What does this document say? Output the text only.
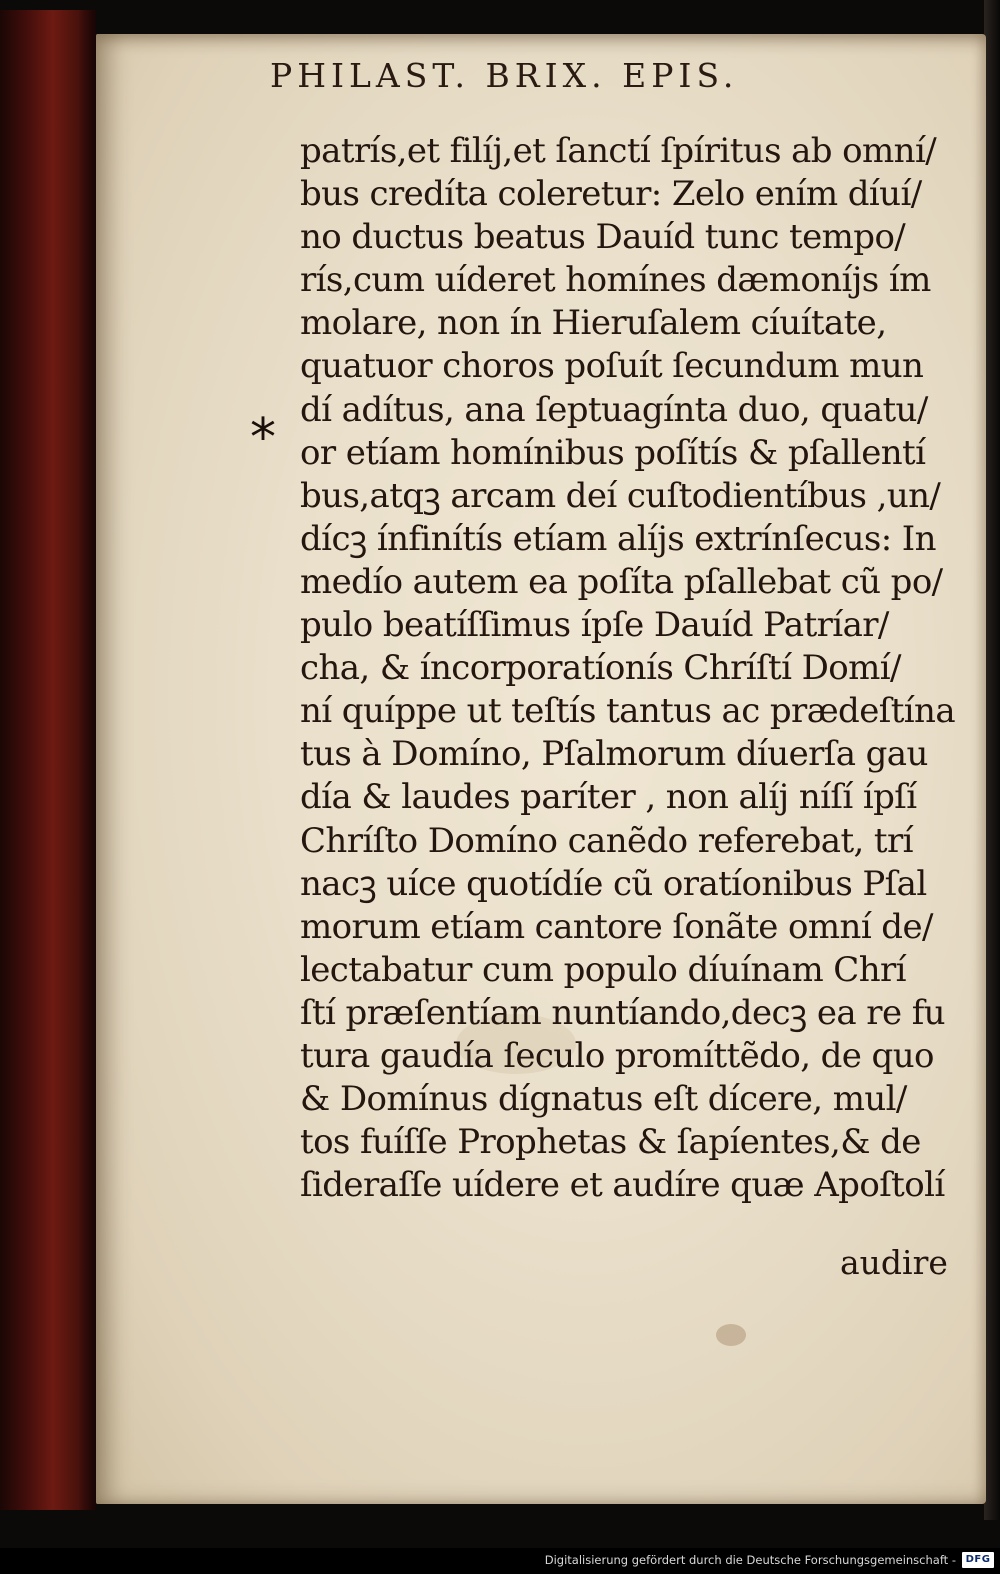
PHILAST. BRIX. EPIS.
*
patrís,et filíj,et ſanctí ſpíritus ab omní/
bus credíta coleretur: Zelo ením díuí/
no ductus beatus Dauíd tunc tempo/
rís,cum uíderet homínes dæmoníjs ím
molare, non ín Hieruſalem cíuítate,
quatuor choros poſuít ſecundum mun
dí adítus, ana ſeptuagínta duo, quatu/
or etíam homínibus poſítís & pſallentí
bus,atqꝫ arcam deí cuſtodientíbus ,un/
dícꝫ ínfinítís etíam alíjs extrínſecus: In
medío autem ea poſíta pſallebat cũ po/
pulo beatíſſimus ípſe Dauíd Patríar/
cha, & íncorporatíonís Chríſtí Domí/
ní quíppe ut teſtís tantus ac prædeſtína
tus à Domíno, Pſalmorum díuerſa gau
día & laudes paríter , non alíj níſí ípſí
Chríſto Domíno canẽdo referebat, trí
nacꝫ uíce quotídíe cũ oratíonibus Pſal
morum etíam cantore ſonãte omní de/
lectabatur cum populo díuínam Chrí
ſtí præſentíam nuntíando,decꝫ ea re fu
tura gaudía ſeculo promíttẽdo, de quo
& Domínus dígnatus eſt dícere, mul/
tos fuíſſe Prophetas & ſapíentes,& de
ſideraſſe uídere et audíre quæ Apoſtolí
audire
Digitalisierung gefördert durch die Deutsche Forschungsgemeinschaft - DFG
